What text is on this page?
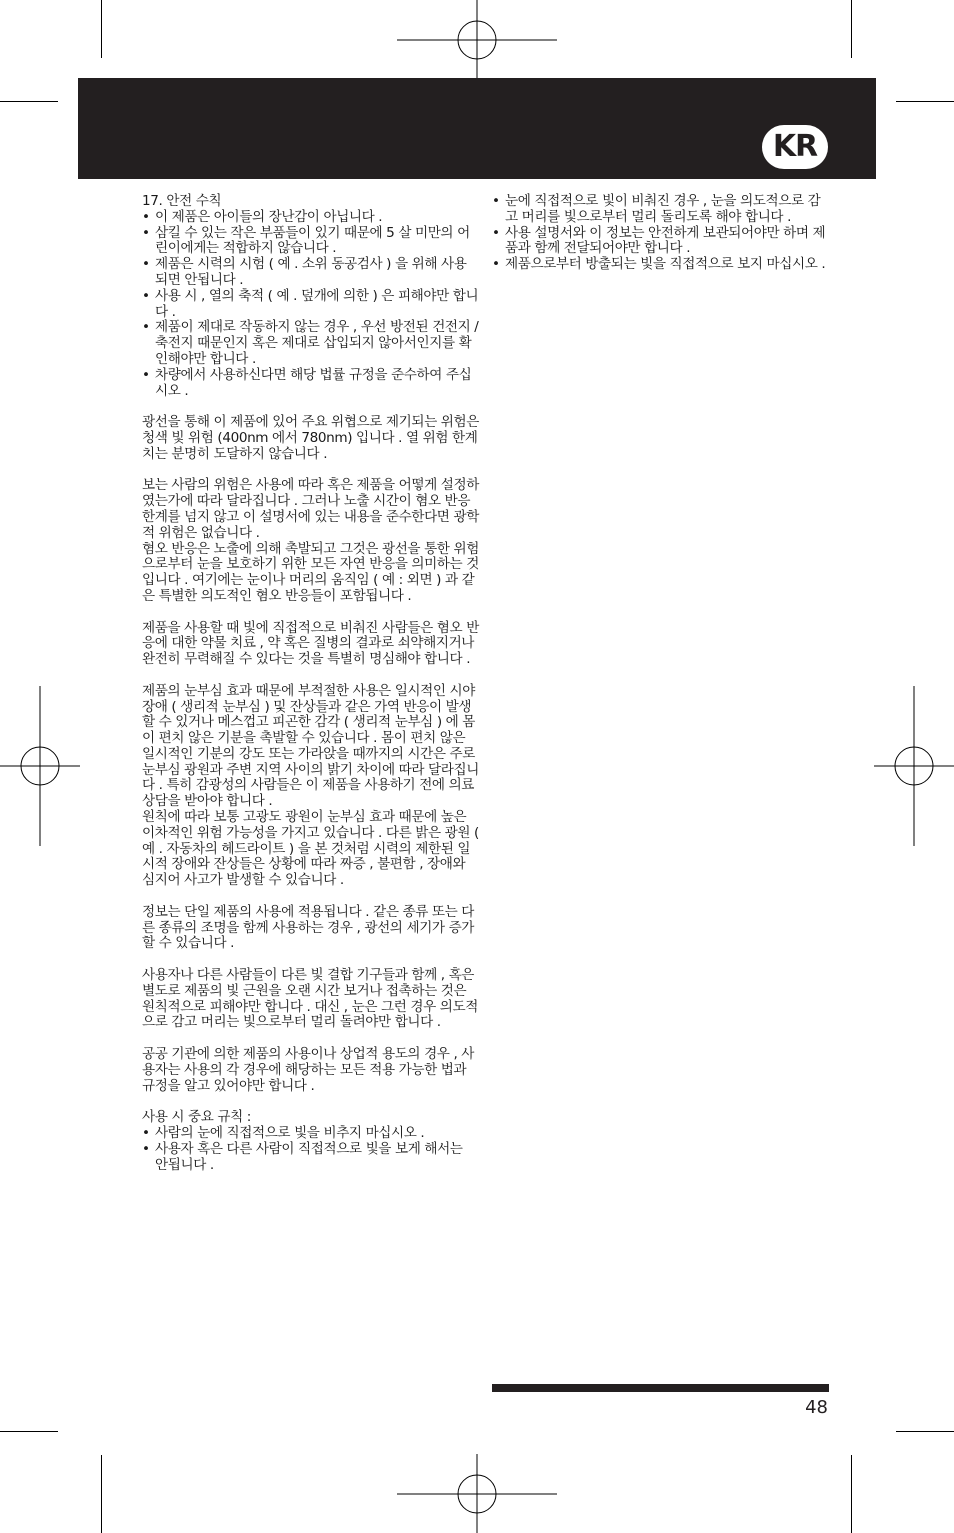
KR

17. 안전 수칙

• 이 제품은 아이들의 장난감이 아닙니다 .

• 삼킬 수 있는 작은 부품들이 있기 때문에 5 살 미만의 어린이에게는 적합하지 않습니다 .

• 제품은 시력의 시험 ( 예 . 소위 동공검사 ) 을 위해 사용되면 안됩니다 .

• 사용 시 , 열의 축적 ( 예 . 덮개에 의한 ) 은 피해야만 합니다 .

• 제품이 제대로 작동하지 않는 경우 , 우선 방전된 건전지 / 축전지 때문인지 혹은 제대로 삽입되지 않아서인지를 확인해야만 합니다 .

• 차량에서 사용하신다면 해당 법률 규정을 준수하여 주십시오 .

광선을 통해 이 제품에 있어 주요 위협으로 제기되는 위험은 청색 빛 위험 (400nm 에서 780nm) 입니다 . 열 위험 한계치는 분명히 도달하지 않습니다 .

보는 사람의 위험은 사용에 따라 혹은 제품을 어떻게 설정하였는가에 따라 달라집니다 . 그러나 노출 시간이 혐오 반응 한계를 넘지 않고 이 설명서에 있는 내용을 준수한다면 광학적 위험은 없습니다 .

혐오 반응은 노출에 의해 촉발되고 그것은 광선을 통한 위험으로부터 눈을 보호하기 위한 모든 자연 반응을 의미하는 것입니다 . 여기에는 눈이나 머리의 움직임 ( 예 : 외면 ) 과 같은 특별한 의도적인 혐오 반응들이 포함됩니다 .

제품을 사용할 때 빛에 직접적으로 비춰진 사람들은 혐오 반응에 대한 약물 치료 , 약 혹은 질병의 결과로 쇠약해지거나 완전히 무력해질 수 있다는 것을 특별히 명심해야 합니다 .

제품의 눈부심 효과 때문에 부적절한 사용은 일시적인 시야 장애 ( 생리적 눈부심 ) 및 잔상들과 같은 가역 반응이 발생할 수 있거나 메스껍고 피곤한 감각 ( 생리적 눈부심 ) 에 몸이 편치 않은 기분을 촉발할 수 있습니다 . 몸이 편치 않은 일시적인 기분의 강도 또는 가라앉을 때까지의 시간은 주로 눈부심 광원과 주변 지역 사이의 밝기 차이에 따라 달라집니다 . 특히 감광성의 사람들은 이 제품을 사용하기 전에 의료 상담을 받아야 합니다 .

원칙에 따라 보통 고광도 광원이 눈부심 효과 때문에 높은 이차적인 위험 가능성을 가지고 있습니다 . 다른 밝은 광원 ( 예 . 자동차의 헤드라이트 ) 을 본 것처럼 시력의 제한된 일시적 장애와 잔상들은 상황에 따라 짜증 , 불편함 , 장애와 심지어 사고가 발생할 수 있습니다 .

정보는 단일 제품의 사용에 적용됩니다 . 같은 종류 또는 다른 종류의 조명을 함께 사용하는 경우 , 광선의 세기가 증가할 수 있습니다 .

사용자나 다른 사람들이 다른 빛 결합 기구들과 함께 , 혹은 별도로 제품의 빛 근원을 오랜 시간 보거나 접촉하는 것은 원칙적으로 피해야만 합니다 . 대신 , 눈은 그런 경우 의도적으로 감고 머리는 빛으로부터 멀리 돌려야만 합니다 .

공공 기관에 의한 제품의 사용이나 상업적 용도의 경우 , 사용자는 사용의 각 경우에 해당하는 모든 적용 가능한 법과 규정을 알고 있어야만 합니다 .

사용 시 중요 규칙 :

• 사람의 눈에 직접적으로 빛을 비추지 마십시오 .

• 사용자 혹은 다른 사람이 직접적으로 빛을 보게 해서는 안됩니다 .

• 눈에 직접적으로 빛이 비춰진 경우 , 눈을 의도적으로 감고 머리를 빛으로부터 멀리 돌리도록 해야 합니다 .

• 사용 설명서와 이 정보는 안전하게 보관되어야만 하며 제품과 함께 전달되어야만 합니다 .

• 제품으로부터 방출되는 빛을 직접적으로 보지 마십시오 .

48
